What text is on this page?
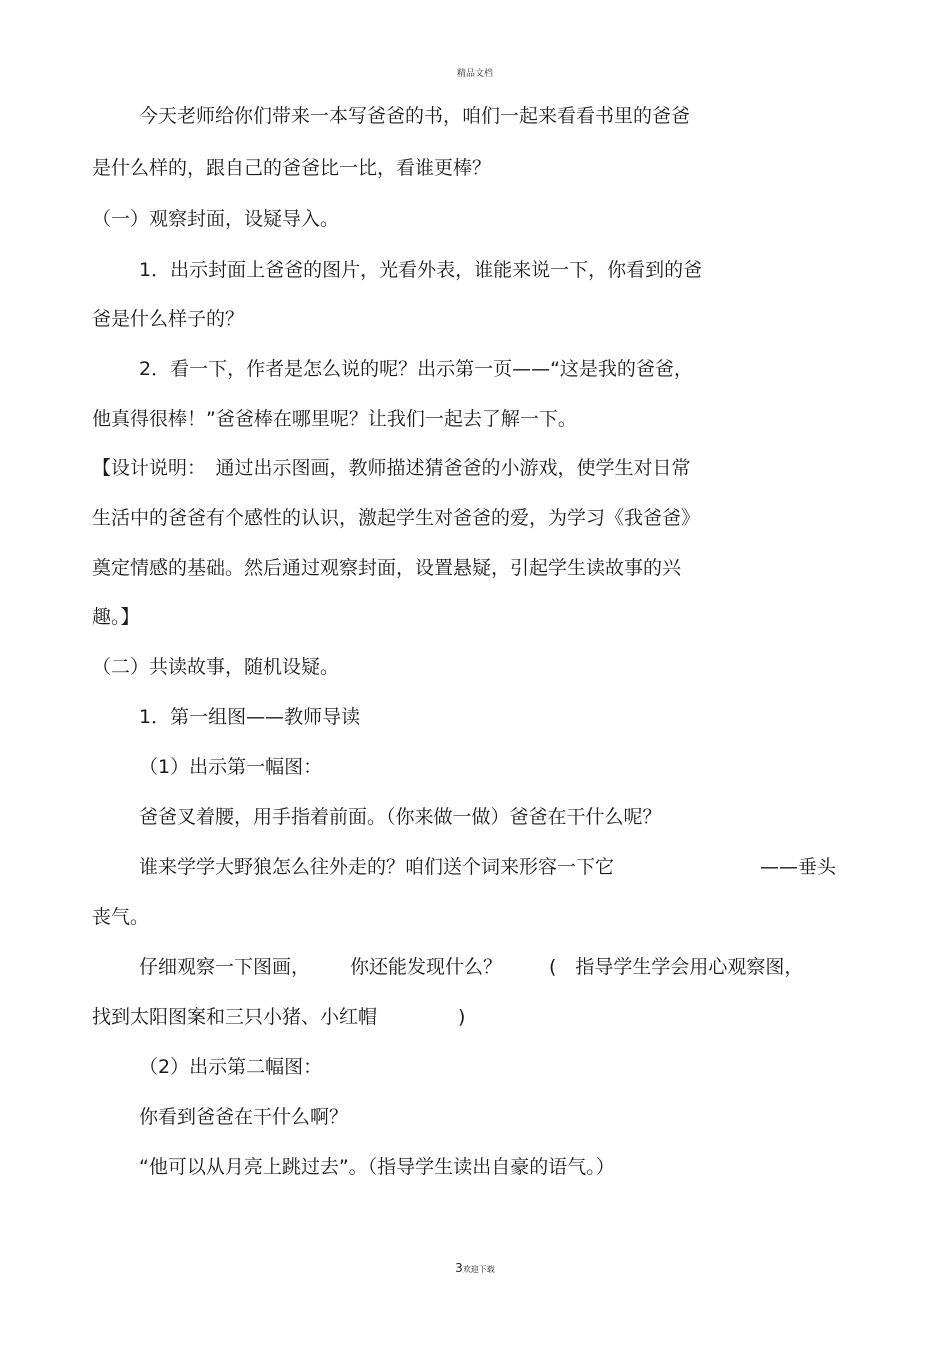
精品文档
今天老师给你们带来一本写爸爸的书，咱们一起来看看书里的爸爸
是什么样的，跟自己的爸爸比一比，看谁更棒？
（一）观察封面，设疑导入。
1．出示封面上爸爸的图片，光看外表，谁能来说一下，你看到的爸
爸是什么样子的？
2．看一下，作者是怎么说的呢？出示第一页——“这是我的爸爸，
他真得很棒！”爸爸棒在哪里呢？让我们一起去了解一下。
【设计说明：　通过出示图画，教师描述猜爸爸的小游戏，使学生对日常
生活中的爸爸有个感性的认识，激起学生对爸爸的爱，为学习《我爸爸》
奠定情感的基础。然后通过观察封面，设置悬疑，引起学生读故事的兴
趣。】
（二）共读故事，随机设疑。
1．第一组图——教师导读
（1）出示第一幅图：
爸爸叉着腰，用手指着前面。（你来做一做）爸爸在干什么呢？
谁来学学大野狼怎么往外走的？咱们送个词来形容一下它	——垂头
丧气。
仔细观察一下图画， 你还能发现什么？ (　指导学生学会用心观察图，
找到太阳图案和三只小猪、小红帽	)
（2）出示第二幅图：
你看到爸爸在干什么啊？
“他可以从月亮上跳过去”。（指导学生读出自豪的语气。）
3欢迎下载
